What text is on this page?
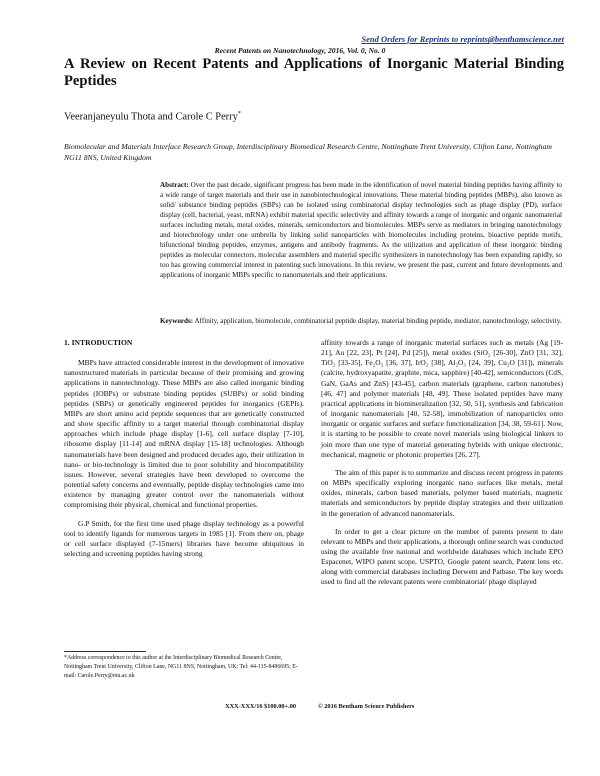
Send Orders for Reprints to reprints@benthamscience.net
Recent Patents on Nanotechnology, 2016, Vol. 0, No. 0
A Review on Recent Patents and Applications of Inorganic Material Binding Peptides
Veeranjaneyulu Thota and Carole C Perry*
Biomolecular and Materials Interface Research Group, Interdisciplinary Biomedical Research Centre, Nottingham Trent University, Clifton Lane, Nottingham NG11 8NS, United Kingdom
Abstract: Over the past decade, significant progress has been made in the identification of novel material binding peptides having affinity to a wide range of target materials and their use in nanobiotechnological innovations. These material binding peptides (MBPs), also known as solid/ substance binding peptides (SBPs) can be isolated using combinatorial display technologies such as phage display (PD), surface display (cell, bacterial, yeast, mRNA) exhibit material specific selectivity and affinity towards a range of inorganic and organic nanomaterial surfaces including metals, metal oxides, minerals, semiconductors and biomolecules. MBPs serve as mediators in bringing nanotechnology and biotechnology under one umbrella by linking solid nanoparticles with biomolecules including proteins, bioactive peptide motifs, bifunctional binding peptides, enzymes, antigens and antibody fragments. As the utilization and application of these inorganic binding peptides as molecular connectors, molecular assemblers and material specific synthesizers in nanotechnology has been expanding rapidly, so too has growing commercial interest in patenting such innovations. In this review, we present the past, current and future developments and applications of inorganic MBPs specific to nanomaterials and their applications.
Keywords: Affinity, application, biomolecule, combinatorial peptide display, material binding peptide, mediator, nanotechnology, selectivity.
1. INTRODUCTION

MBPs have attracted considerable interest in the development of innovative nanostructured materials in particular because of their promising and growing applications in nanotechnology. These MBPs are also called inorganic binding peptides (IOBPs) or substrate binding peptides (SUBPs) or solid binding peptides (SBPs) or genetically engineered peptides for inorganics (GEPIs). MBPs are short amino acid peptide sequences that are genetically constructed and show specific affinity to a target material through combinatorial display approaches which include phage display [1-6], cell surface display [7-10], ribosome display [11-14] and mRNA display [15-18] technologies. Although nanomaterials have been designed and produced decades ago, their utilization in nano- or bio-technology is limited due to poor solubility and biocompatibility issues. However, several strategies have been developed to overcome the potential safety concerns and eventually, peptide display technologies came into existence by managing greater control over the nanomaterials without compromising their physical, chemical and functional properties.

G.P Smith, for the first time used phage display technology as a powerful tool to identify ligands for numerous targets in 1985 [1]. From there on, phage or cell surface displayed (7-15mers) libraries have become ubiquitous in selecting and screening peptides having strong

affinity towards a range of inorganic material surfaces such as metals (Ag [19-21], Au [22, 23], Pt [24], Pd [25]), metal oxides (SiO₂ [26-30], ZnO [31, 32], TiO₂ [33-35], Fe₂O₃ [36, 37], IrO₂ [38], Al₂O₃ [24, 39], Cu₂O [31]), minerals (calcite, hydroxyapatite, graphite, mica, sapphire) [40-42], semiconductors (CdS, GaN, GaAs and ZnS) [43-45], carbon materials (graphene, carbon nanotubes) [46, 47] and polymer materials [48, 49]. These isolated peptides have many practical applications in biomineralization [32, 50, 51], synthesis and fabrication of inorganic nanomaterials [40, 52-58], immobilization of nanoparticles onto inorganic or organic surfaces and surface functionalization [34, 38, 59-61]. Now, it is starting to be possible to create novel materials using biological linkers to join more than one type of material generating hybrids with unique electronic, mechanical, magnetic or photonic properties [26, 27].

The aim of this paper is to summarize and discuss recent progress in patents on MBPs specifically exploring inorganic nano surfaces like metals, metal oxides, minerals, carbon based materials, polymer based materials, magnetic materials and semiconductors by peptide display strategies and their utilization in the generation of advanced nanomaterials.

In order to get a clear picture on the number of patents present to date relevant to MBPs and their applications, a thorough online search was conducted using the available free national and worldwide databases which include EPO Espacenet, WIPO patent scope, USPTO, Google patent search, Patent lens etc. along with commercial databases including Derwent and Patbase. The key words used to find all the relevant patents were combinatorial/ phage displayed

*Address correspondence to this author at the Interdisciplinary Biomedical Research Centre, Nottingham Trent University, Clifton Lane, NG11 8NS, Nottingham, UK; Tel: 44-115-8486695; E-mail: Carole.Perry@ntu.ac.uk
XXX-XXX/16 $100.00+.00	© 2016 Bentham Science Publishers
